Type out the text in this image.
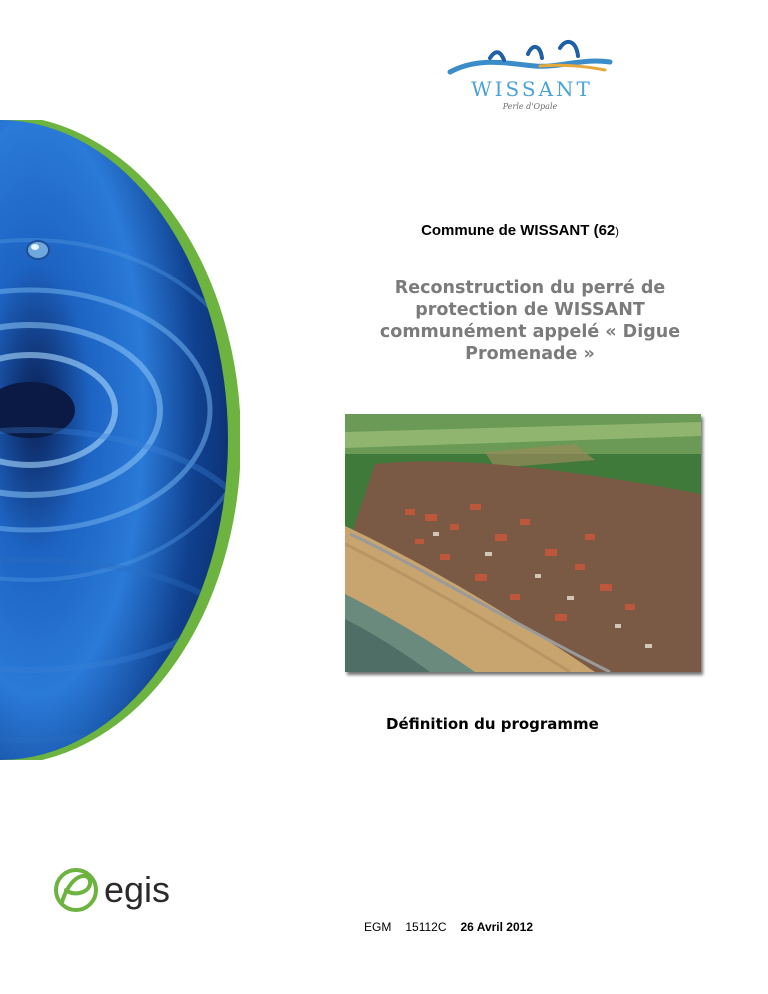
WISSANT
Perle d'Opale
Commune de WISSANT (62)
Reconstruction du perré de
protection de WISSANT
communément appelé « Digue
Promenade »
Définition du programme
egis
EGM 15112C 26 Avril 2012
